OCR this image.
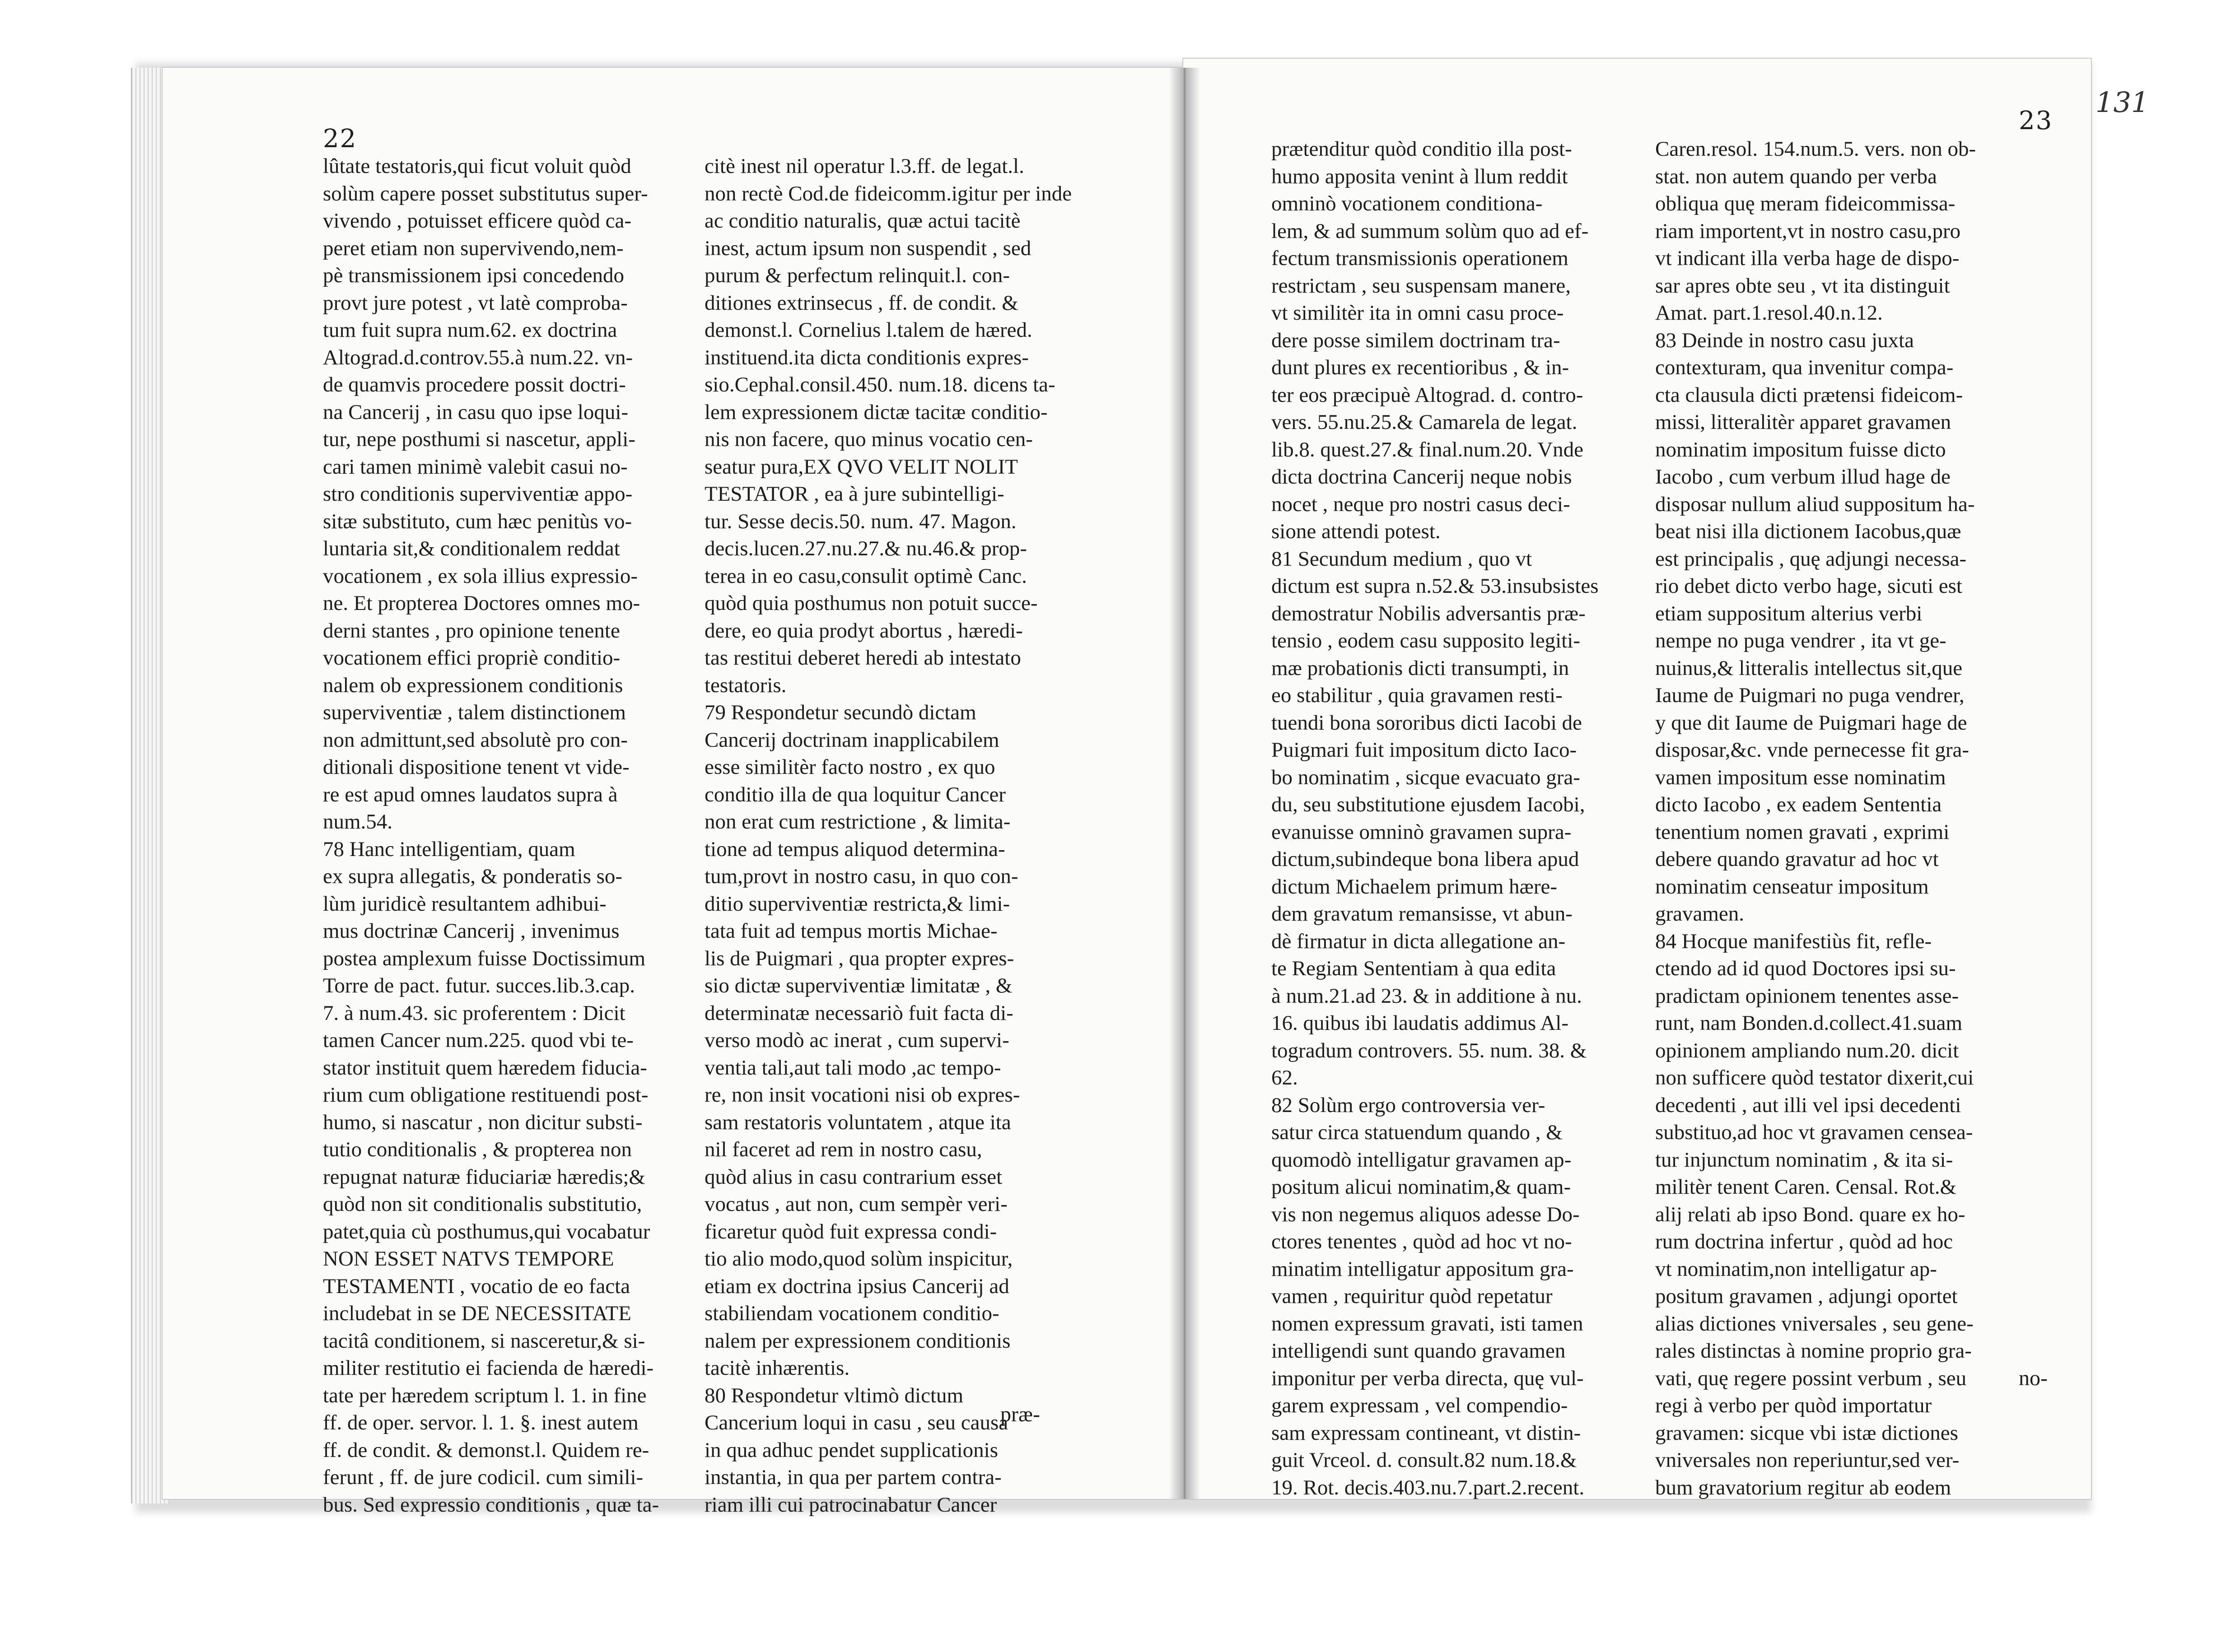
22
23
131

lûtate testatoris,qui ficut voluit quòd
solùm capere posset substitutus super-
vivendo , potuisset efficere quòd ca-
peret etiam non supervivendo,nem-
pè transmissionem ipsi concedendo
provt jure potest , vt latè comproba-
tum fuit supra num.62. ex doctrina
Altograd.d.controv.55.à num.22. vn-
de quamvis procedere possit doctri-
na Cancerij , in casu quo ipse loqui-
tur, nepe posthumi si nascetur, appli-
cari tamen minimè valebit casui no-
stro conditionis superviventiæ appo-
sitæ substituto, cum hæc penitùs vo-
luntaria sit,& conditionalem reddat
vocationem , ex sola illius expressio-
ne. Et propterea Doctores omnes mo-
derni stantes , pro opinione tenente
vocationem effici propriè conditio-
nalem ob expressionem conditionis
superviventiæ , talem distinctionem
non admittunt,sed absolutè pro con-
ditionali dispositione tenent vt vide-
re est apud omnes laudatos supra à
num.54.
78 Hanc intelligentiam, quam
ex supra allegatis, & ponderatis so-
lùm juridicè resultantem adhibui-
mus doctrinæ Cancerij , invenimus
postea amplexum fuisse Doctissimum
Torre de pact. futur. succes.lib.3.cap.
7. à num.43. sic proferentem : Dicit
tamen Cancer num.225. quod vbi te-
stator instituit quem hæredem fiducia-
rium cum obligatione restituendi post-
humo, si nascatur , non dicitur substi-
tutio conditionalis , & propterea non
repugnat naturæ fiduciariæ hæredis;&
quòd non sit conditionalis substitutio,
patet,quia cù posthumus,qui vocabatur
NON ESSET NATVS TEMPORE
TESTAMENTI , vocatio de eo facta
includebat in se DE NECESSITATE
tacitâ conditionem, si nasceretur,& si-
militer restitutio ei facienda de hæredi-
tate per hæredem scriptum l. 1. in fine
ff. de oper. servor. l. 1. §. inest autem
ff. de condit. & demonst.l. Quidem re-
ferunt , ff. de jure codicil. cum simili-
bus. Sed expressio conditionis , quæ ta-

citè inest nil operatur l.3.ff. de legat.l.
non rectè Cod.de fideicomm.igitur per inde
ac conditio naturalis, quæ actui tacitè
inest, actum ipsum non suspendit , sed
purum & perfectum relinquit.l. con-
ditiones extrinsecus , ff. de condit. &
demonst.l. Cornelius l.talem de hæred.
instituend.ita dicta conditionis expres-
sio.Cephal.consil.450. num.18. dicens ta-
lem expressionem dictæ tacitæ conditio-
nis non facere, quo minus vocatio cen-
seatur pura,EX QVO VELIT NOLIT
TESTATOR , ea à jure subintelligi-
tur. Sesse decis.50. num. 47. Magon.
decis.lucen.27.nu.27.& nu.46.& prop-
terea in eo casu,consulit optimè Canc.
quòd quia posthumus non potuit succe-
dere, eo quia prodyt abortus , hæredi-
tas restitui deberet heredi ab intestato
testatoris.
79 Respondetur secundò dictam
Cancerij doctrinam inapplicabilem
esse similitèr facto nostro , ex quo
conditio illa de qua loquitur Cancer
non erat cum restrictione , & limita-
tione ad tempus aliquod determina-
tum,provt in nostro casu, in quo con-
ditio superviventiæ restricta,& limi-
tata fuit ad tempus mortis Michae-
lis de Puigmari , qua propter expres-
sio dictæ superviventiæ limitatæ , &
determinatæ necessariò fuit facta di-
verso modò ac inerat , cum supervi-
ventia tali,aut tali modo ,ac tempo-
re, non insit vocationi nisi ob expres-
sam restatoris voluntatem , atque ita
nil faceret ad rem in nostro casu,
quòd alius in casu contrarium esset
vocatus , aut non, cum sempèr veri-
ficaretur quòd fuit expressa condi-
tio alio modo,quod solùm inspicitur,
etiam ex doctrina ipsius Cancerij ad
stabiliendam vocationem conditio-
nalem per expressionem conditionis
tacitè inhærentis.
80 Respondetur vltimò dictum
Cancerium loqui in casu , seu causa
in qua adhuc pendet supplicationis
instantia, in qua per partem contra-
riam illi cui patrocinabatur Cancer

præ-

prætenditur quòd conditio illa post-
humo apposita venint à llum reddit
omninò vocationem conditiona-
lem, & ad summum solùm quo ad ef-
fectum transmissionis operationem
restrictam , seu suspensam manere,
vt similitèr ita in omni casu proce-
dere posse similem doctrinam tra-
dunt plures ex recentioribus , & in-
ter eos præcipuè Altograd. d. contro-
vers. 55.nu.25.& Camarela de legat.
lib.8. quest.27.& final.num.20. Vnde
dicta doctrina Cancerij neque nobis
nocet , neque pro nostri casus deci-
sione attendi potest.
81 Secundum medium , quo vt
dictum est supra n.52.& 53.insubsistes
demostratur Nobilis adversantis præ-
tensio , eodem casu supposito legiti-
mæ probationis dicti transumpti, in
eo stabilitur , quia gravamen resti-
tuendi bona sororibus dicti Iacobi de
Puigmari fuit impositum dicto Iaco-
bo nominatim , sicque evacuato gra-
du, seu substitutione ejusdem Iacobi,
evanuisse omninò gravamen supra-
dictum,subindeque bona libera apud
dictum Michaelem primum hære-
dem gravatum remansisse, vt abun-
dè firmatur in dicta allegatione an-
te Regiam Sententiam à qua edita
à num.21.ad 23. & in additione à nu.
16. quibus ibi laudatis addimus Al-
togradum controvers. 55. num. 38. &
62.
82 Solùm ergo controversia ver-
satur circa statuendum quando , &
quomodò intelligatur gravamen ap-
positum alicui nominatim,& quam-
vis non negemus aliquos adesse Do-
ctores tenentes , quòd ad hoc vt no-
minatim intelligatur appositum gra-
vamen , requiritur quòd repetatur
nomen expressum gravati, isti tamen
intelligendi sunt quando gravamen
imponitur per verba directa, quę vul-
garem expressam , vel compendio-
sam expressam contineant, vt distin-
guit Vrceol. d. consult.82 num.18.&
19. Rot. decis.403.nu.7.part.2.recent.

Caren.resol. 154.num.5. vers. non ob-
stat. non autem quando per verba
obliqua quę meram fideicommissa-
riam importent,vt in nostro casu,pro
vt indicant illa verba hage de dispo-
sar apres obte seu , vt ita distinguit
Amat. part.1.resol.40.n.12.
83 Deinde in nostro casu juxta
contexturam, qua invenitur compa-
cta clausula dicti prætensi fideicom-
missi, litteralitèr apparet gravamen
nominatim impositum fuisse dicto
Iacobo , cum verbum illud hage de
disposar nullum aliud suppositum ha-
beat nisi illa dictionem Iacobus,quæ
est principalis , quę adjungi necessa-
rio debet dicto verbo hage, sicuti est
etiam suppositum alterius verbi
nempe no puga vendrer , ita vt ge-
nuinus,& litteralis intellectus sit,que
Iaume de Puigmari no puga vendrer,
y que dit Iaume de Puigmari hage de
disposar,&c. vnde pernecesse fit gra-
vamen impositum esse nominatim
dicto Iacobo , ex eadem Sententia
tenentium nomen gravati , exprimi
debere quando gravatur ad hoc vt
nominatim censeatur impositum
gravamen.
84 Hocque manifestiùs fit, refle-
ctendo ad id quod Doctores ipsi su-
pradictam opinionem tenentes asse-
runt, nam Bonden.d.collect.41.suam
opinionem ampliando num.20. dicit
non sufficere quòd testator dixerit,cui
decedenti , aut illi vel ipsi decedenti
substituo,ad hoc vt gravamen censea-
tur injunctum nominatim , & ita si-
militèr tenent Caren. Censal. Rot.&
alij relati ab ipso Bond. quare ex ho-
rum doctrina infertur , quòd ad hoc
vt nominatim,non intelligatur ap-
positum gravamen , adjungi oportet
alias dictiones vniversales , seu gene-
rales distinctas à nomine proprio gra-
vati, quę regere possint verbum , seu
regi à verbo per quòd importatur
gravamen: sicque vbi istæ dictiones
vniversales non reperiuntur,sed ver-
bum gravatorium regitur ab eodem

no-
